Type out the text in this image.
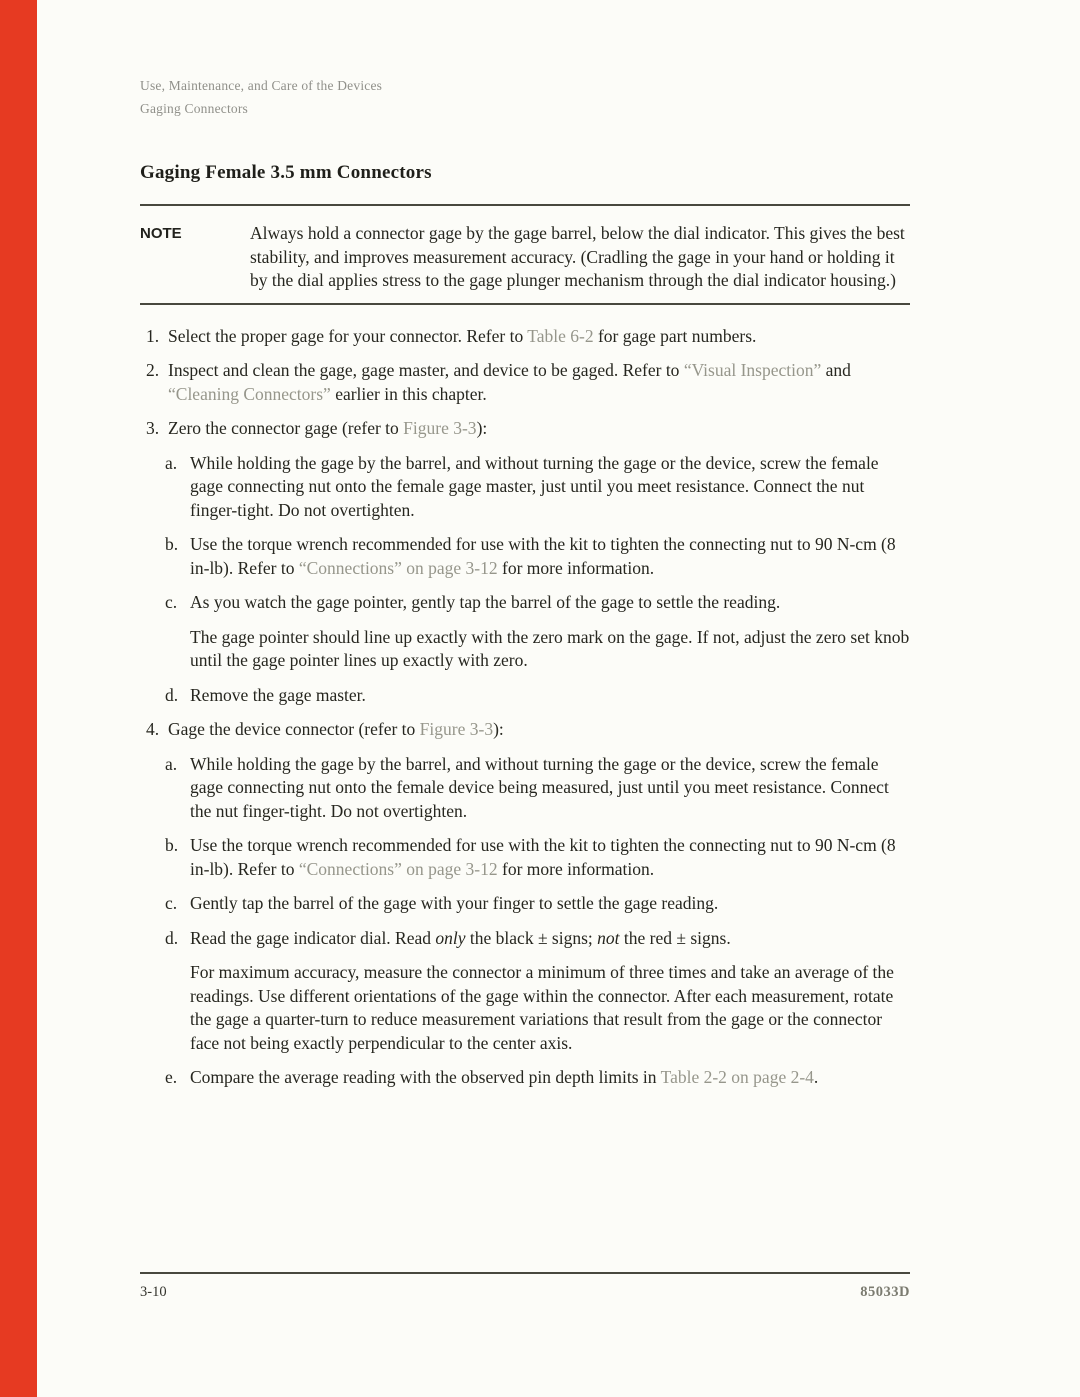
Use, Maintenance, and Care of the Devices
Gaging Connectors
Gaging Female 3.5 mm Connectors
NOTE	Always hold a connector gage by the gage barrel, below the dial indicator. This gives the best stability, and improves measurement accuracy. (Cradling the gage in your hand or holding it by the dial applies stress to the gage plunger mechanism through the dial indicator housing.)

1. Select the proper gage for your connector. Refer to Table 6-2 for gage part numbers.

2. Inspect and clean the gage, gage master, and device to be gaged. Refer to “Visual Inspection” and “Cleaning Connectors” earlier in this chapter.

3. Zero the connector gage (refer to Figure 3-3):

a. While holding the gage by the barrel, and without turning the gage or the device, screw the female gage connecting nut onto the female gage master, just until you meet resistance. Connect the nut finger-tight. Do not overtighten.

b. Use the torque wrench recommended for use with the kit to tighten the connecting nut to 90 N-cm (8 in-lb). Refer to “Connections” on page 3-12 for more information.

c. As you watch the gage pointer, gently tap the barrel of the gage to settle the reading.

The gage pointer should line up exactly with the zero mark on the gage. If not, adjust the zero set knob until the gage pointer lines up exactly with zero.

d. Remove the gage master.

4. Gage the device connector (refer to Figure 3-3):

a. While holding the gage by the barrel, and without turning the gage or the device, screw the female gage connecting nut onto the female device being measured, just until you meet resistance. Connect the nut finger-tight. Do not overtighten.

b. Use the torque wrench recommended for use with the kit to tighten the connecting nut to 90 N-cm (8 in-lb). Refer to “Connections” on page 3-12 for more information.

c. Gently tap the barrel of the gage with your finger to settle the gage reading.

d. Read the gage indicator dial. Read only the black ± signs; not the red ± signs.

For maximum accuracy, measure the connector a minimum of three times and take an average of the readings. Use different orientations of the gage within the connector. After each measurement, rotate the gage a quarter-turn to reduce measurement variations that result from the gage or the connector face not being exactly perpendicular to the center axis.

e. Compare the average reading with the observed pin depth limits in Table 2-2 on page 2-4.

3-10	85033D
